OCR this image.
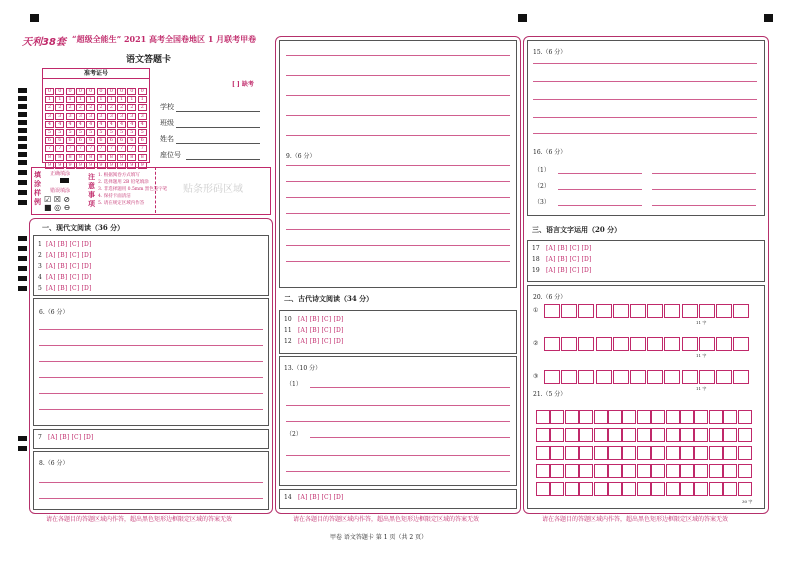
天利38套 “超级全能生” 2021 高考全国卷地区 1 月联考甲卷
语文答题卡
[ ] 缺考
准考证号
0
1
2
3
4
5
6
7
8
9
0
1
2
3
4
5
6
7
8
9
0
1
2
3
4
5
6
7
8
9
0
1
2
3
4
5
6
7
8
9
0
1
2
3
4
5
6
7
8
9
0
1
2
3
4
5
6
7
8
9
0
1
2
3
4
5
6
7
8
9
0
1
2
3
4
5
6
7
8
9
0
1
2
3
4
5
6
7
8
9
0
1
2
3
4
5
6
7
8
9
学校
班级
姓名
座位号
填涂样例
正确填涂
错误填涂
☑ ☒ ⊘
■ ◎ ⊖
注意事项
1. 根据阅卷方式填写
2. 选择题用 2B 铅笔填涂
3. 非选择题用 0.5mm 黑色签字笔
4. 保持卡面清洁
5. 请在规定区域内作答
贴条形码区域
一、现代文阅读（36 分）
1 [A] [B] [C] [D]
2 [A] [B] [C] [D]
3 [A] [B] [C] [D]
4 [A] [B] [C] [D]
5 [A] [B] [C] [D]
6.（6 分）
7 [A] [B] [C] [D]
8.（6 分）
请在各题目的答题区域内作答，超出黑色矩形边框限定区域的答案无效
9.（6 分）
二、古代诗文阅读（34 分）
10 [A] [B] [C] [D]
11 [A] [B] [C] [D]
12 [A] [B] [C] [D]
13.（10 分）
（1）
（2）
14 [A] [B] [C] [D]
请在各题目的答题区域内作答，超出黑色矩形边框限定区域的答案无效
15.（6 分）
16.（6 分）
（1）
（2）
（3）
三、语言文字运用（20 分）
17 [A] [B] [C] [D]
18 [A] [B] [C] [D]
19 [A] [B] [C] [D]
20.（6 分）
①
11 字
②
11 字
③
11 字
21.（5 分）
30 字
请在各题目的答题区域内作答，超出黑色矩形边框限定区域的答案无效
甲卷 语文答题卡 第 1 页（共 2 页）
